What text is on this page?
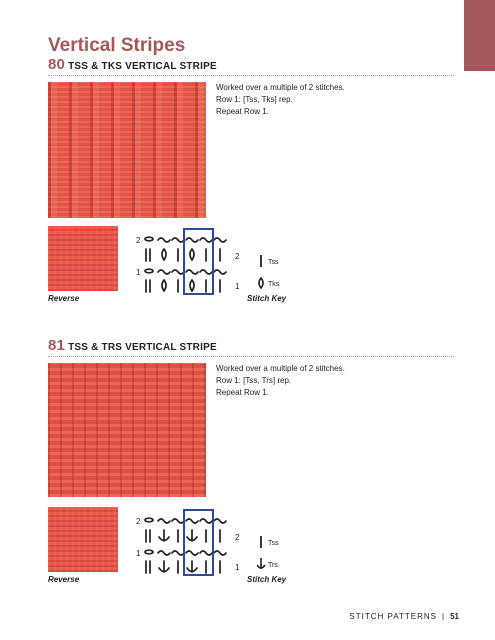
Vertical Stripes
80 TSS & TKS VERTICAL STRIPE

Worked over a multiple of 2 stitches.

Row 1: [Tss, Tks] rep.

Repeat Row 1.

2
1
2
1
Tss
Tks
Reverse	Stitch Key
81 TSS & TRS VERTICAL STRIPE

Worked over a multiple of 2 stitches.

Row 1: [Tss, Trs] rep.

Repeat Row 1.

2
1
2
1
Tss
Trs
Reverse	Stitch Key
STITCH PATTERNS | 51
